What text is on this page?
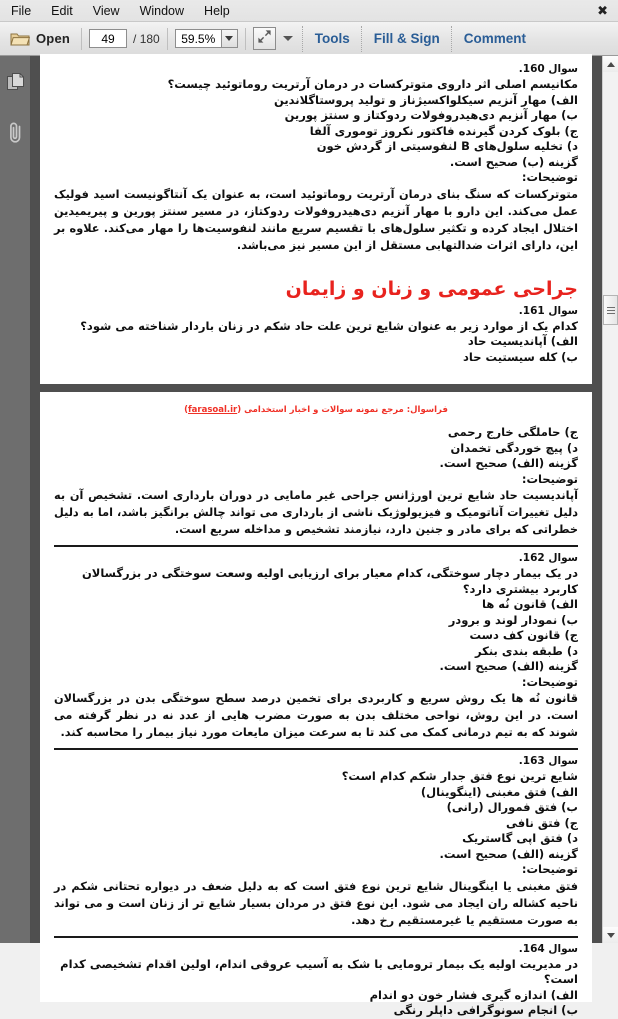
File	Edit	View	Window	Help	✖
Open	49	/ 180	59.5%	Tools Fill & Sign Comment
سوال 160.
مکانیسم اصلی اثر داروی متوترکسات در درمان آرتریت روماتوئید چیست؟
الف) مهار آنزیم سیکلواکسیژناز و تولید پروستاگلاندین
ب) مهار آنزیم دی‌هیدروفولات ردوکتاز و سنتز پورین
ج) بلوک کردن گیرنده فاکتور نکروز توموری آلفا
د) تخلیه سلول‌های B لنفوسیتی از گردش خون
گزینه (ب) صحیح است.
توضیحات:
متوترکسات که سنگ بنای درمان آرتریت روماتوئید است، به عنوان یک آنتاگونیست اسید فولیک عمل می‌کند. این دارو با مهار آنزیم دی‌هیدروفولات ردوکتاز، در مسیر سنتز پورین و پیریمیدین اختلال ایجاد کرده و تکثیر سلول‌های با تقسیم سریع مانند لنفوسیت‌ها را مهار می‌کند. علاوه بر این، دارای اثرات ضدالتهابی مستقل از این مسیر نیز می‌باشد.
جراحی عمومی و زنان و زایمان
سوال 161.
کدام یک از موارد زیر به عنوان شایع ترین علت حاد شکم در زنان باردار شناخته می شود؟
الف) آپاندیسیت حاد
ب) کله سیستیت حاد
فراسوال: مرجع نمونه سوالات و اخبار استخدامی (farasoal.ir)
ج) حاملگی خارج رحمی
د) پیچ خوردگی تخمدان
گزینه (الف) صحیح است.
توضیحات:
آپاندیسیت حاد شایع ترین اورژانس جراحی غیر مامایی در دوران بارداری است. تشخیص آن به دلیل تغییرات آناتومیک و فیزیولوژیک ناشی از بارداری می تواند چالش برانگیز باشد، اما به دلیل خطراتی که برای مادر و جنین دارد، نیازمند تشخیص و مداخله سریع است.
سوال 162.
در یک بیمار دچار سوختگی، کدام معیار برای ارزیابی اولیه وسعت سوختگی در بزرگسالان کاربرد بیشتری دارد؟
الف) قانون نُه ها
ب) نمودار لوند و برودر
ج) قانون کف دست
د) طبقه بندی بنکر
گزینه (الف) صحیح است.
توضیحات:
قانون نُه ها یک روش سریع و کاربردی برای تخمین درصد سطح سوختگی بدن در بزرگسالان است. در این روش، نواحی مختلف بدن به صورت مضرب هایی از عدد نه در نظر گرفته می شوند که به تیم درمانی کمک می کند تا به سرعت میزان مایعات مورد نیاز بیمار را محاسبه کند.
سوال 163.
شایع ترین نوع فتق جدار شکم کدام است؟
الف) فتق مغبنی (اینگوینال)
ب) فتق فمورال (رانی)
ج) فتق نافی
د) فتق اپی گاستریک
گزینه (الف) صحیح است.
توضیحات:
فتق مغبنی یا اینگوینال شایع ترین نوع فتق است که به دلیل ضعف در دیواره تحتانی شکم در ناحیه کشاله ران ایجاد می شود. این نوع فتق در مردان بسیار شایع تر از زنان است و می تواند به صورت مستقیم یا غیرمستقیم رخ دهد.
سوال 164.
در مدیریت اولیه یک بیمار ترومایی با شک به آسیب عروقی اندام، اولین اقدام تشخیصی کدام است؟
الف) اندازه گیری فشار خون دو اندام
ب) انجام سونوگرافی داپلر رنگی
